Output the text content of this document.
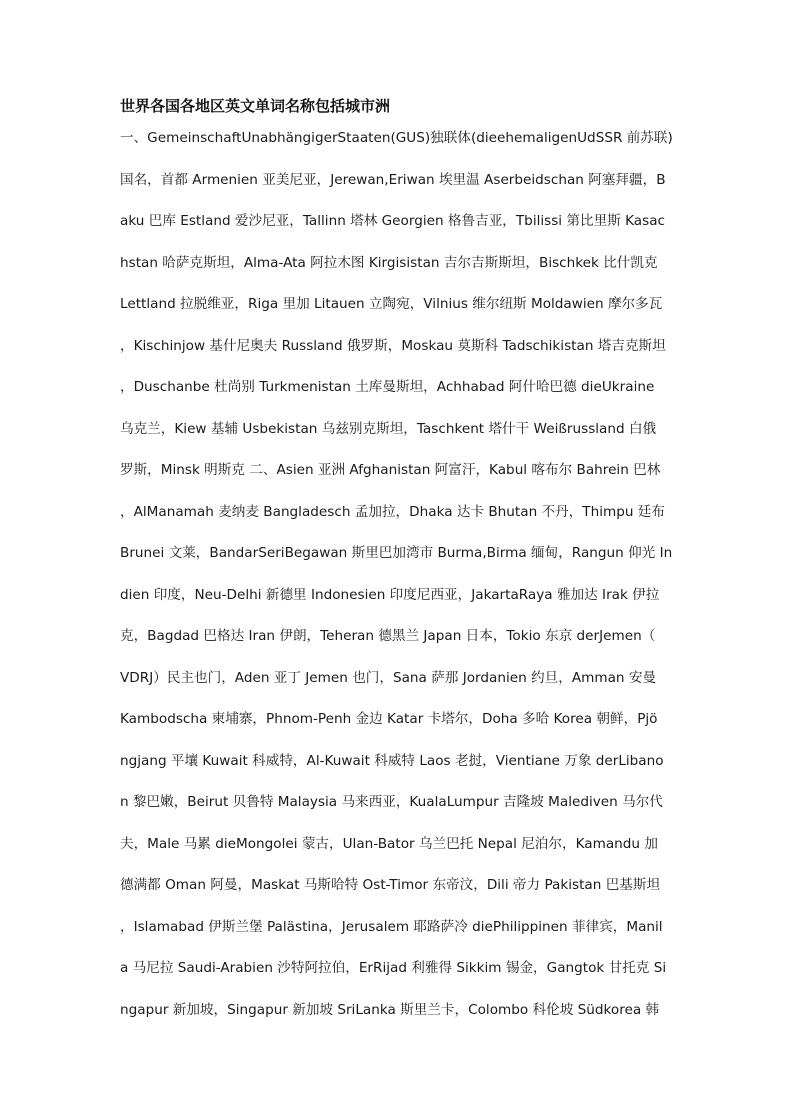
世界各国各地区英文单词名称包括城市洲
一、GemeinschaftUnabhängigerStaaten(GUS)独联体(dieehemaligenUdSSR 前苏联)
国名，首都 Armenien 亚美尼亚，Jerewan,Eriwan 埃里温 Aserbeidschan 阿塞拜疆，B
aku 巴库 Estland 爱沙尼亚，Tallinn 塔林 Georgien 格鲁吉亚，Tbilissi 第比里斯 Kasac
hstan 哈萨克斯坦，Alma-Ata 阿拉木图 Kirgisistan 吉尔吉斯斯坦，Bischkek 比什凯克
Lettland 拉脱维亚，Riga 里加 Litauen 立陶宛，Vilnius 维尔纽斯 Moldawien 摩尔多瓦
，Kischinjow 基什尼奥夫 Russland 俄罗斯，Moskau 莫斯科 Tadschikistan 塔吉克斯坦
，Duschanbe 杜尚别 Turkmenistan 土库曼斯坦，Achhabad 阿什哈巴德 dieUkraine
乌克兰，Kiew 基辅 Usbekistan 乌兹别克斯坦，Taschkent 塔什干 Weißrussland 白俄
罗斯，Minsk 明斯克 二、Asien 亚洲 Afghanistan 阿富汗，Kabul 喀布尔 Bahrein 巴林
，AlManamah 麦纳麦 Bangladesch 孟加拉，Dhaka 达卡 Bhutan 不丹，Thimpu 廷布
Brunei 文莱，BandarSeriBegawan 斯里巴加湾市 Burma,Birma 缅甸，Rangun 仰光 In
dien 印度，Neu-Delhi 新德里 Indonesien 印度尼西亚，JakartaRaya 雅加达 Irak 伊拉
克，Bagdad 巴格达 Iran 伊朗，Teheran 德黑兰 Japan 日本，Tokio 东京 derJemen（
VDRJ）民主也门，Aden 亚丁 Jemen 也门，Sana 萨那 Jordanien 约旦，Amman 安曼
Kambodscha 柬埔寨，Phnom-Penh 金边 Katar 卡塔尔，Doha 多哈 Korea 朝鲜，Pjö
ngjang 平壤 Kuwait 科威特，Al-Kuwait 科威特 Laos 老挝，Vientiane 万象 derLibano
n 黎巴嫩，Beirut 贝鲁特 Malaysia 马来西亚，KualaLumpur 吉隆坡 Malediven 马尔代
夫，Male 马累 dieMongolei 蒙古，Ulan-Bator 乌兰巴托 Nepal 尼泊尔，Kamandu 加
德满都 Oman 阿曼，Maskat 马斯哈特 Ost-Timor 东帝汶，Dili 帝力 Pakistan 巴基斯坦
，Islamabad 伊斯兰堡 Palästina，Jerusalem 耶路萨冷 diePhilippinen 菲律宾，Manil
a 马尼拉 Saudi-Arabien 沙特阿拉伯，ErRijad 利雅得 Sikkim 锡金，Gangtok 甘托克 Si
ngapur 新加坡，Singapur 新加坡 SriLanka 斯里兰卡，Colombo 科伦坡 Südkorea 韩
